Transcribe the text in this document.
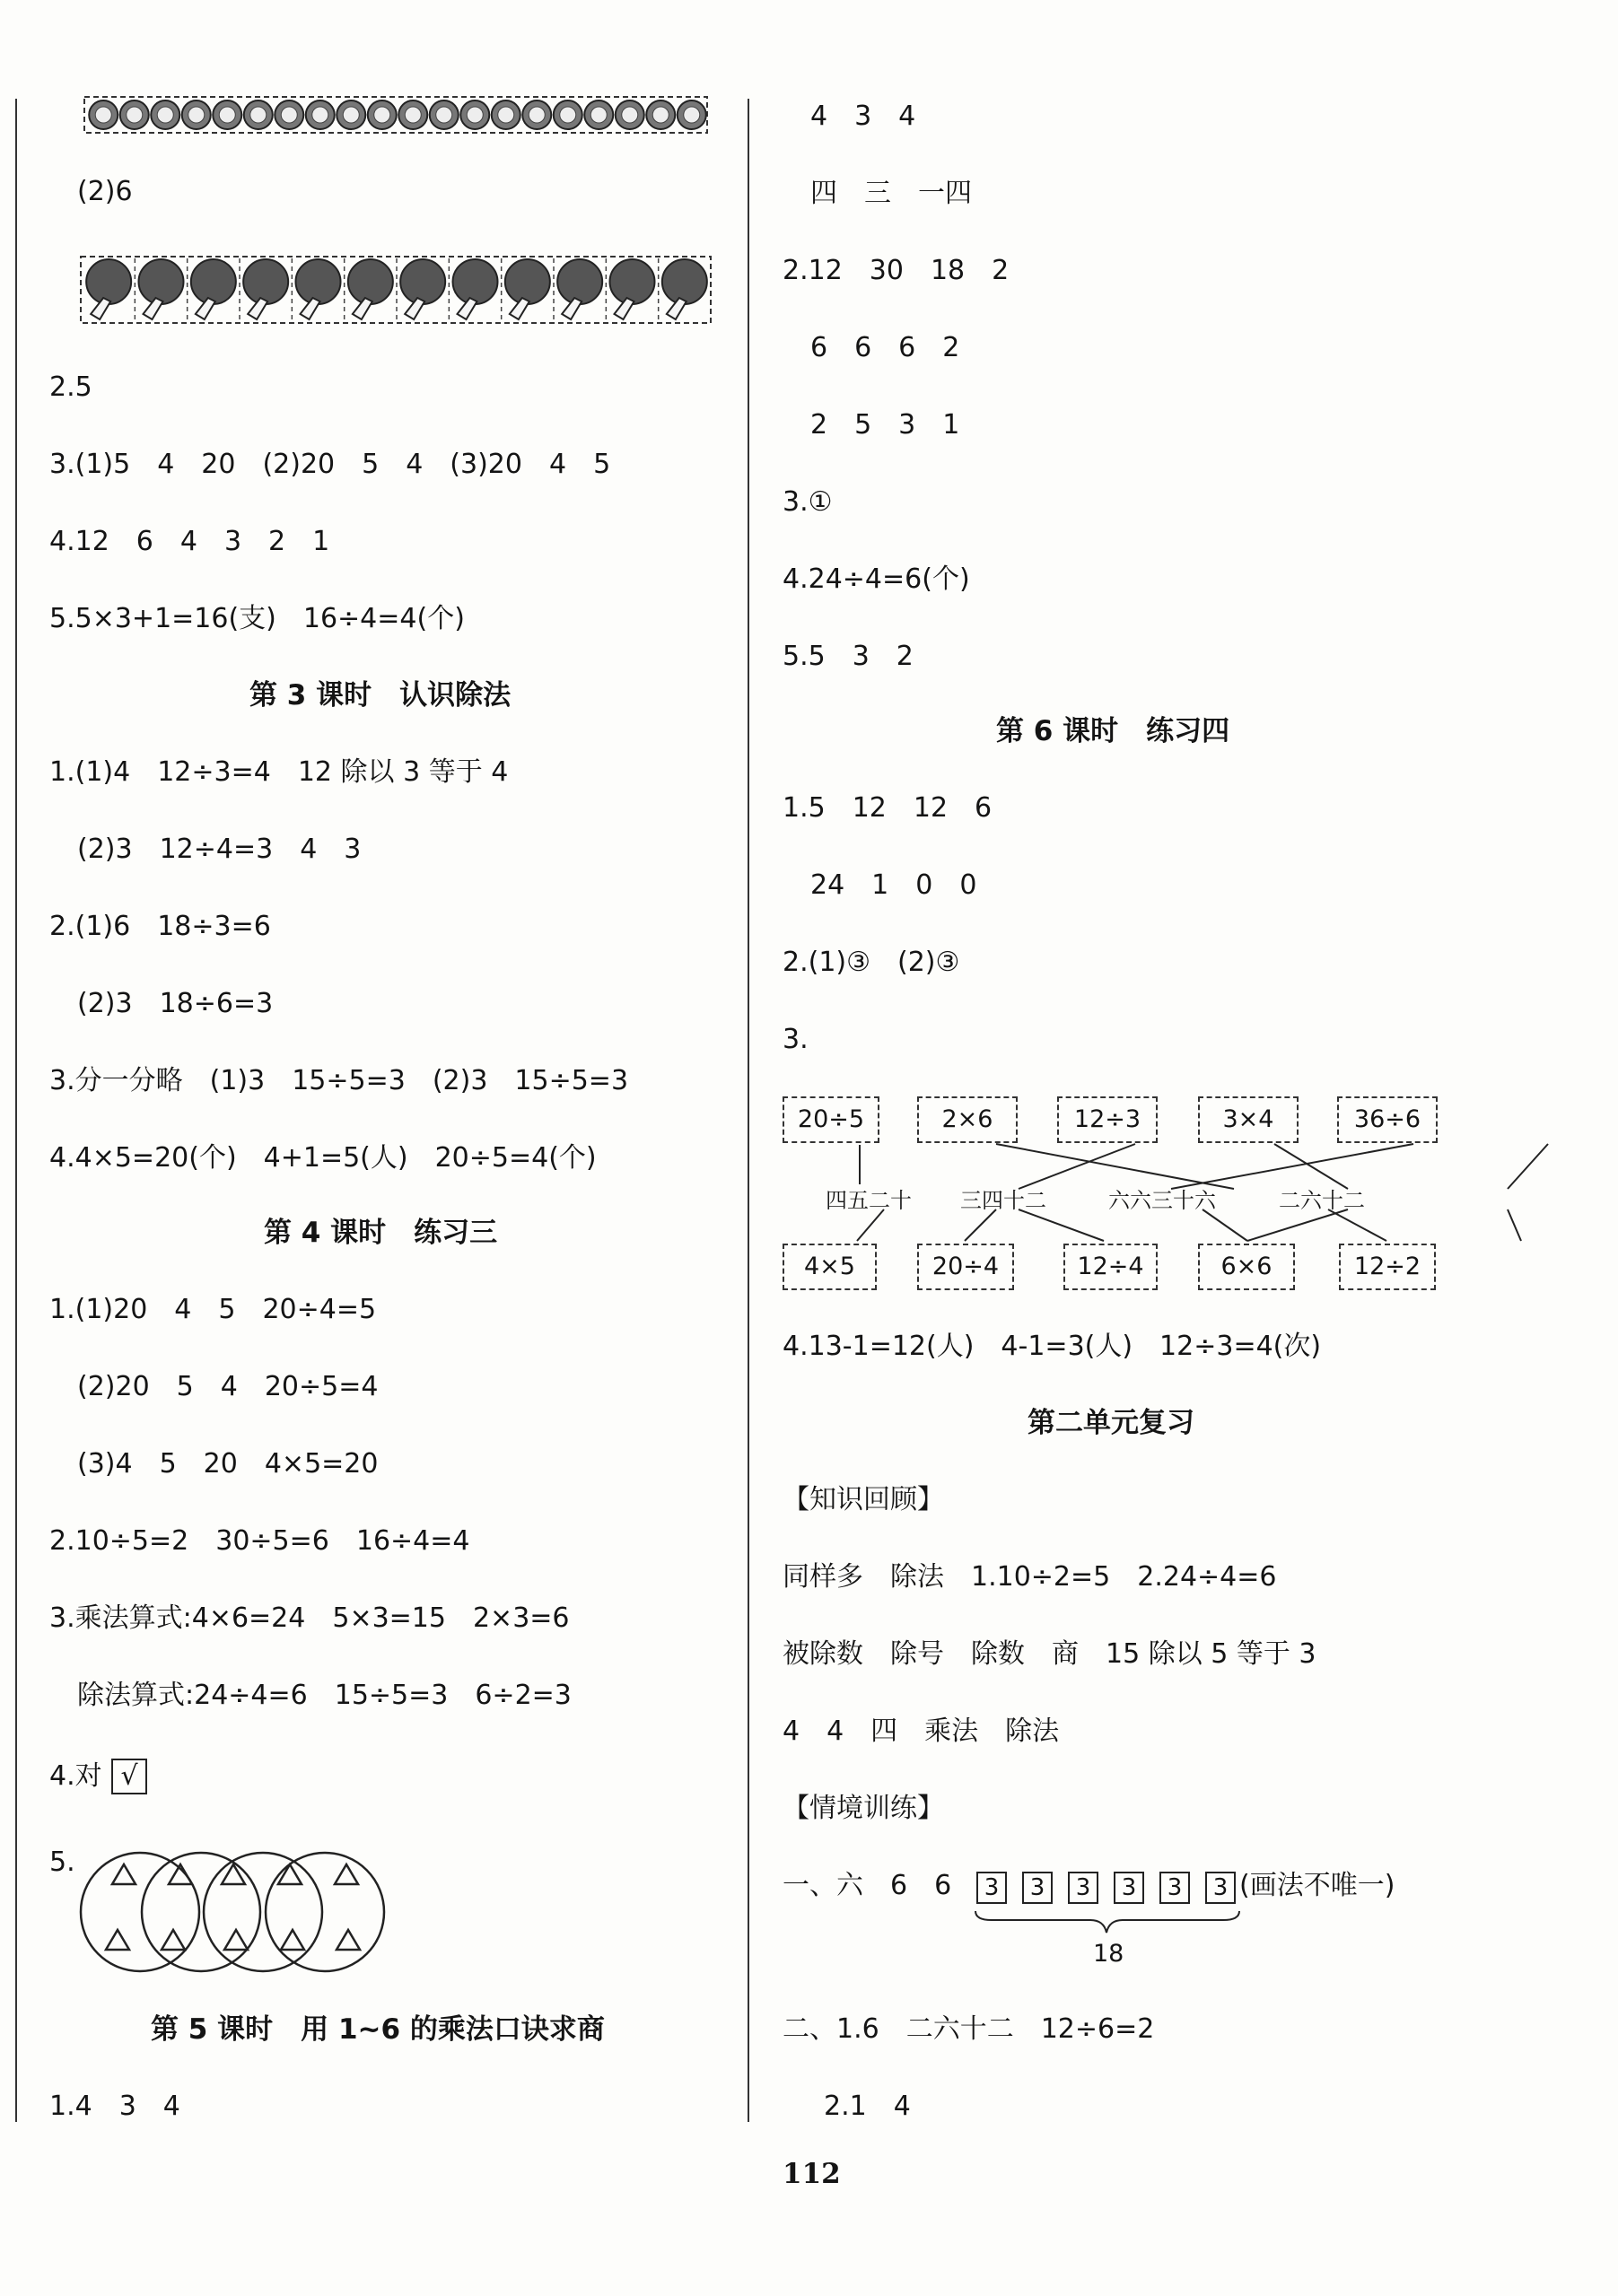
(2)6
2.5
3.(1)5　4　20　(2)20　5　4　(3)20　4　5
4.12　6　4　3　2　1
5.5×3+1=16(支)　16÷4=4(个)
第 3 课时　认识除法
1.(1)4　12÷3=4　12 除以 3 等于 4
(2)3　12÷4=3　4　3
2.(1)6　18÷3=6
(2)3　18÷6=3
3.分一分略　(1)3　15÷5=3　(2)3　15÷5=3
4.4×5=20(个)　4+1=5(人)　20÷5=4(个)
第 4 课时　练习三
1.(1)20　4　5　20÷4=5
(2)20　5　4　20÷5=4
(3)4　5　20　4×5=20
2.10÷5=2　30÷5=6　16÷4=4
3.乘法算式:4×6=24　5×3=15　2×3=6
除法算式:24÷4=6　15÷5=3　6÷2=3
4.对 √
5.
第 5 课时　用 1~6 的乘法口诀求商
1.4　3　4
4　3　4
四　三　一四
2.12　30　18　2
6　6　6　2
2　5　3　1
3.①
4.24÷4=6(个)
5.5　3　2
第 6 课时　练习四
1.5　12　12　6
24　1　0　0
2.(1)③　(2)③
3.
20÷5	2×6	12÷3	3×4	36÷6
四五二十 三四十二	六六三十六	二六十二
4×5	20÷4	12÷4	6×6	12÷2
4.13-1=12(人)　4-1=3(人)　12÷3=4(次)
第二单元复习
【知识回顾】
同样多　除法　1.10÷2=5　2.24÷4=6
被除数　除号　除数　商　15 除以 5 等于 3
4　4　四　乘法　除法
【情境训练】
一、六　6　6	3	3	3	3	3	3 (画法不唯一)
18
二、1.6　二六十二　12÷6=2
2.1　4
112
